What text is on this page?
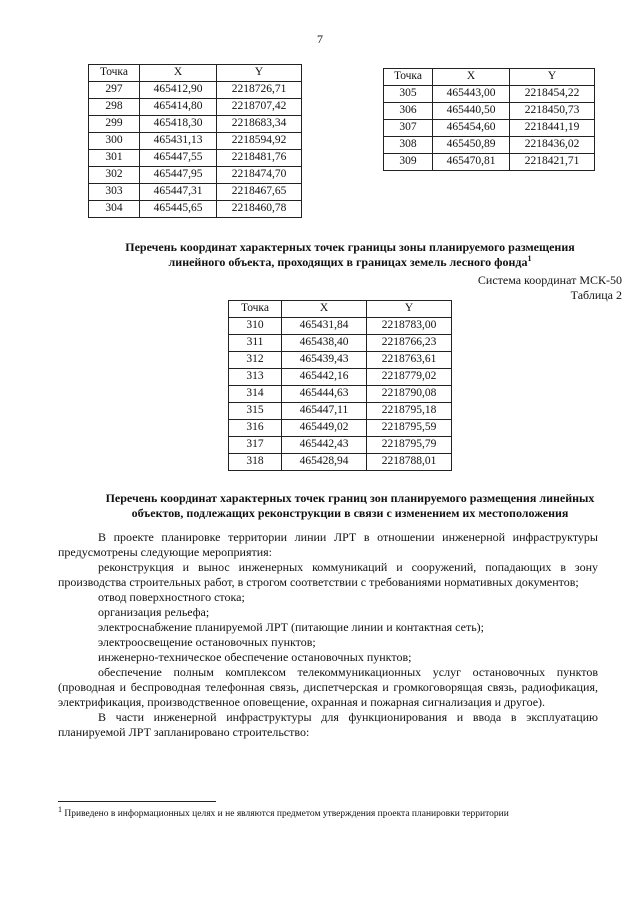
7
Точка	X	Y
297	465412,90	2218726,71
298	465414,80	2218707,42
299	465418,30	2218683,34
300	465431,13	2218594,92
301	465447,55	2218481,76
302	465447,95	2218474,70
303	465447,31	2218467,65
304	465445,65	2218460,78
Точка	X	Y
305	465443,00	2218454,22
306	465440,50	2218450,73
307	465454,60	2218441,19
308	465450,89	2218436,02
309	465470,81	2218421,71
Перечень координат характерных точек границы зоны планируемого размещения
линейного объекта, проходящих в границах земель лесного фонда$^1$
Система координат МСК-50
Таблица 2
Точка	X	Y
310	465431,84	2218783,00
311	465438,40	2218766,23
312	465439,43	2218763,61
313	465442,16	2218779,02
314	465444,63	2218790,08
315	465447,11	2218795,18
316	465449,02	2218795,59
317	465442,43	2218795,79
318	465428,94	2218788,01
Перечень координат характерных точек границ зон планируемого размещения линейных
объектов, подлежащих реконструкции в связи с изменением их местоположения

В проекте планировке территории линии ЛРТ в отношении инженерной инфраструктуры предусмотрены следующие мероприятия:

реконструкция и вынос инженерных коммуникаций и сооружений, попадающих в зону производства строительных работ, в строгом соответствии с требованиями нормативных документов;

отвод поверхностного стока;

организация рельефа;

электроснабжение планируемой ЛРТ (питающие линии и контактная сеть);

электроосвещение остановочных пунктов;

инженерно-техническое обеспечение остановочных пунктов;

обеспечение полным комплексом телекоммуникационных услуг остановочных пунктов (проводная и беспроводная телефонная связь, диспетчерская и громкоговорящая связь, радиофикация, электрификация, производственное оповещение, охранная и пожарная сигнализация и другое).

В части инженерной инфраструктуры для функционирования и ввода в эксплуатацию планируемой ЛРТ запланировано строительство:

$^1$ Приведено в информационных целях и не являются предметом утверждения проекта планировки территории
